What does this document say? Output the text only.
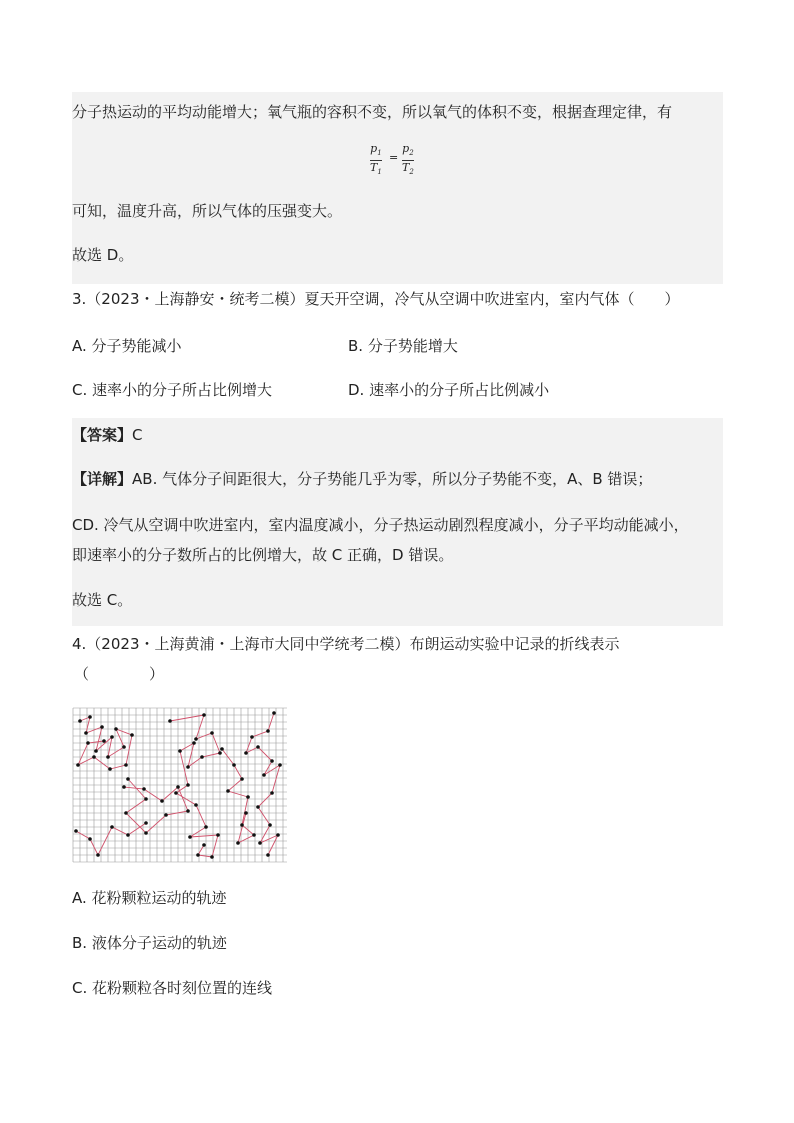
分子热运动的平均动能增大；氧气瓶的容积不变，所以氧气的体积不变，根据查理定律，有
$p_1$
$T_1$
=
$p_2$
$T_2$
可知，温度升高，所以气体的压强变大。
故选 D。
3.（2023・上海静安・统考二模）夏天开空调，冷气从空调中吹进室内，室内气体（　　）
A. 分子势能减小	B. 分子势能增大
C. 速率小的分子所占比例增大	D. 速率小的分子所占比例减小
【答案】C
【详解】AB. 气体分子间距很大，分子势能几乎为零，所以分子势能不变，A、B 错误；
CD. 冷气从空调中吹进室内，室内温度减小，分子热运动剧烈程度减小，分子平均动能减小，
即速率小的分子数所占的比例增大，故 C 正确，D 错误。
故选 C。
4.（2023・上海黄浦・上海市大同中学统考二模）布朗运动实验中记录的折线表示
（　　　　）
A. 花粉颗粒运动的轨迹
B. 液体分子运动的轨迹
C. 花粉颗粒各时刻位置的连线
